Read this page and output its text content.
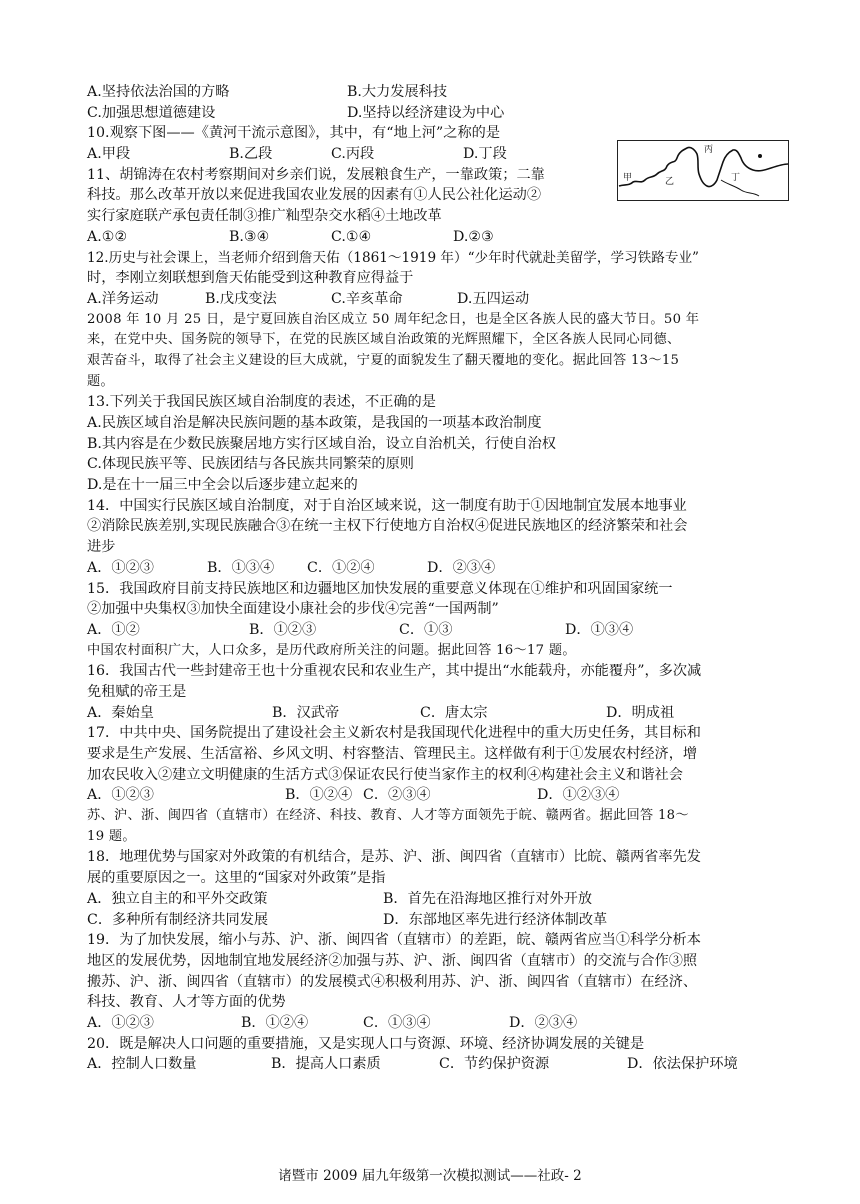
A.坚持依法治国的方略	B.大力发展科技
C.加强思想道德建设	D.坚持以经济建设为中心
10.观察下图——《黄河干流示意图》，其中，有“地上河”之称的是
A.甲段	B.乙段	C.丙段	D.丁段
11、胡锦涛在农村考察期间对乡亲们说，发展粮食生产，一靠政策；二靠
科技。那么改革开放以来促进我国农业发展的因素有①人民公社化运动②
实行家庭联产承包责任制③推广籼型杂交水稻④土地改革
A.①②	B.③④	C.①④	D.②③
12.历史与社会课上，当老师介绍到詹天佑（1861～1919 年）“少年时代就赴美留学，学习铁路专业”
时，李刚立刻联想到詹天佑能受到这种教育应得益于
A.洋务运动	B.戊戌变法	C.辛亥革命	D.五四运动
2008 年 10 月 25 日，是宁夏回族自治区成立 50 周年纪念日，也是全区各族人民的盛大节日。50 年
来，在党中央、国务院的领导下，在党的民族区域自治政策的光辉照耀下，全区各族人民同心同德、
艰苦奋斗，取得了社会主义建设的巨大成就，宁夏的面貌发生了翻天覆地的变化。据此回答 13～15
题。
13.下列关于我国民族区域自治制度的表述，不正确的是
A.民族区域自治是解决民族问题的基本政策，是我国的一项基本政治制度
B.其内容是在少数民族聚居地方实行区域自治，设立自治机关，行使自治权
C.体现民族平等、民族团结与各民族共同繁荣的原则
D.是在十一届三中全会以后逐步建立起来的
14．中国实行民族区域自治制度，对于自治区域来说，这一制度有助于①因地制宜发展本地事业
②消除民族差别,实现民族融合③在统一主权下行使地方自治权④促进民族地区的经济繁荣和社会
进步
A．①②③	B．①③④	C．①②④	D．②③④
15．我国政府目前支持民族地区和边疆地区加快发展的重要意义体现在①维护和巩固国家统一
②加强中央集权③加快全面建设小康社会的步伐④完善“一国两制”
A．①②	B．①②③	C．①③	D．①③④
中国农村面积广大，人口众多，是历代政府所关注的问题。据此回答 16～17 题。
16．我国古代一些封建帝王也十分重视农民和农业生产，其中提出“水能载舟，亦能覆舟”，多次减
免租赋的帝王是
A．秦始皇	B．汉武帝	C．唐太宗	D．明成祖
17．中共中央、国务院提出了建设社会主义新农村是我国现代化进程中的重大历史任务，其目标和
要求是生产发展、生活富裕、乡风文明、村容整洁、管理民主。这样做有利于①发展农村经济，增
加农民收入②建立文明健康的生活方式③保证农民行使当家作主的权利④构建社会主义和谐社会
A．①②③	B．①②④ C．②③④	D．①②③④
苏、沪、浙、闽四省（直辖市）在经济、科技、教育、人才等方面领先于皖、赣两省。据此回答 18～
19 题。
18．地理优势与国家对外政策的有机结合，是苏、沪、浙、闽四省（直辖市）比皖、赣两省率先发
展的重要原因之一。这里的“国家对外政策”是指
A．独立自主的和平外交政策	B．首先在沿海地区推行对外开放
C．多种所有制经济共同发展	D．东部地区率先进行经济体制改革
19．为了加快发展，缩小与苏、沪、浙、闽四省（直辖市）的差距，皖、赣两省应当①科学分析本
地区的发展优势，因地制宜地发展经济②加强与苏、沪、浙、闽四省（直辖市）的交流与合作③照
搬苏、沪、浙、闽四省（直辖市）的发展模式④积极利用苏、沪、浙、闽四省（直辖市）在经济、
科技、教育、人才等方面的优势
A．①②③	B．①②④	C．①③④	D．②③④
20．既是解决人口问题的重要措施，又是实现人口与资源、环境、经济协调发展的关键是
A．控制人口数量	B．提高人口素质	C．节约保护资源	D．依法保护环境
甲	乙
丙
丁
诸暨市 2009 届九年级第一次模拟测试——社政- 2
